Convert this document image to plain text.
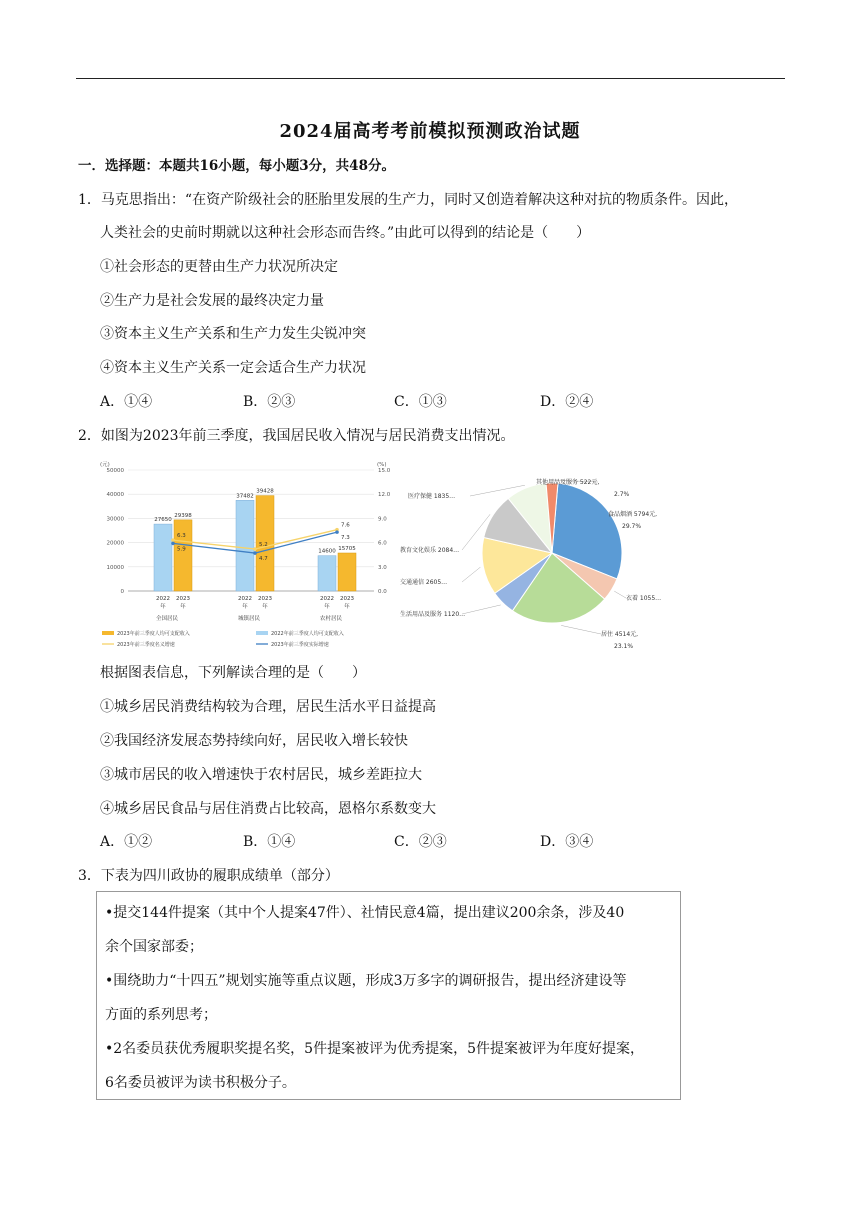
2024届高考考前模拟预测政治试题
一．选择题：本题共16小题，每小题3分，共48分。
1．马克思指出：“在资产阶级社会的胚胎里发展的生产力，同时又创造着解决这种对抗的物质条件。因此，
人类社会的史前时期就以这种社会形态而告终。”由此可以得到的结论是（　　）
①社会形态的更替由生产力状况所决定
②生产力是社会发展的最终决定力量
③资本主义生产关系和生产力发生尖锐冲突
④资本主义生产关系一定会适合生产力状况
A．①④	B．②③	C．①③	D．②④
2．如图为2023年前三季度，我国居民收入情况与居民消费支出情况。
(元)	(%)
0
10000
20000
30000
40000
50000
0.0
3.0
6.0
9.0
12.0
15.0
27650
29398
2022
年
2023
年
全国居民
37482
39428
2022
年
2023
年
城镇居民
14600 15705
2022
年
2023
年
农村居民
6.3
5.2
7.6
5.9
4.7
7.3
2023年前三季度人均可支配收入	2022年前三季度人均可支配收入
2023年前三季度名义增速	2023年前三季度实际增速
食品烟酒 5794元,
29.7%
衣着 1055…
居住 4514元,
23.1%
生活用品及服务 1120…
交通通信 2605…
教育文化娱乐 2084…
医疗保健 1835…
其他用品及服务 522元,
2.7%
根据图表信息，下列解读合理的是（　　）
①城乡居民消费结构较为合理，居民生活水平日益提高
②我国经济发展态势持续向好，居民收入增长较快
③城市居民的收入增速快于农村居民，城乡差距拉大
④城乡居民食品与居住消费占比较高，恩格尔系数变大
A．①②	B．①④	C．②③	D．③④
3．下表为四川政协的履职成绩单（部分）
•提交144件提案（其中个人提案47件）、社情民意4篇，提出建议200余条，涉及40
余个国家部委；
•围绕助力“十四五”规划实施等重点议题，形成3万多字的调研报告，提出经济建设等
方面的系列思考；
•2名委员获优秀履职奖提名奖，5件提案被评为优秀提案，5件提案被评为年度好提案，
6名委员被评为读书积极分子。
